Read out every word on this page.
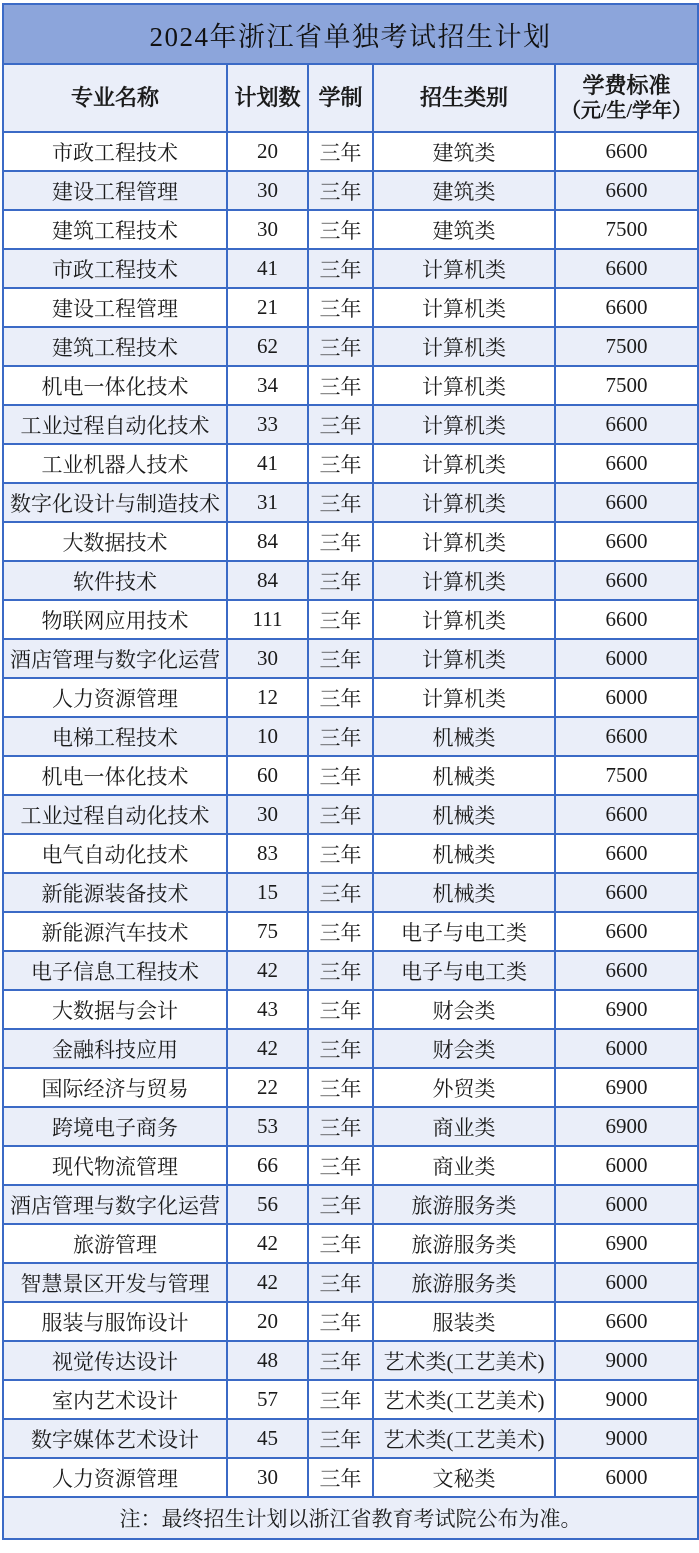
2024年浙江省单独考试招生计划				
专业名称	计划数	学制	招生类别	学费标准
（元/生/学年）

市政工程技术	20	三年	建筑类	6600
建设工程管理	30	三年	建筑类	6600
建筑工程技术	30	三年	建筑类	7500
市政工程技术	41	三年	计算机类	6600
建设工程管理	21	三年	计算机类	6600
建筑工程技术	62	三年	计算机类	7500
机电一体化技术	34	三年	计算机类	7500
工业过程自动化技术	33	三年	计算机类	6600
工业机器人技术	41	三年	计算机类	6600
数字化设计与制造技术	31	三年	计算机类	6600
大数据技术	84	三年	计算机类	6600
软件技术	84	三年	计算机类	6600
物联网应用技术	111	三年	计算机类	6600
酒店管理与数字化运营	30	三年	计算机类	6000
人力资源管理	12	三年	计算机类	6000
电梯工程技术	10	三年	机械类	6600
机电一体化技术	60	三年	机械类	7500
工业过程自动化技术	30	三年	机械类	6600
电气自动化技术	83	三年	机械类	6600
新能源装备技术	15	三年	机械类	6600
新能源汽车技术	75	三年	电子与电工类	6600
电子信息工程技术	42	三年	电子与电工类	6600
大数据与会计	43	三年	财会类	6900
金融科技应用	42	三年	财会类	6000
国际经济与贸易	22	三年	外贸类	6900
跨境电子商务	53	三年	商业类	6900
现代物流管理	66	三年	商业类	6000
酒店管理与数字化运营	56	三年	旅游服务类	6000
旅游管理	42	三年	旅游服务类	6900
智慧景区开发与管理	42	三年	旅游服务类	6000
服装与服饰设计	20	三年	服装类	6600
视觉传达设计	48	三年	艺术类(工艺美术)	9000
室内艺术设计	57	三年	艺术类(工艺美术)	9000
数字媒体艺术设计	45	三年	艺术类(工艺美术)	9000
人力资源管理	30	三年	文秘类	6000
注：最终招生计划以浙江省教育考试院公布为准。				
